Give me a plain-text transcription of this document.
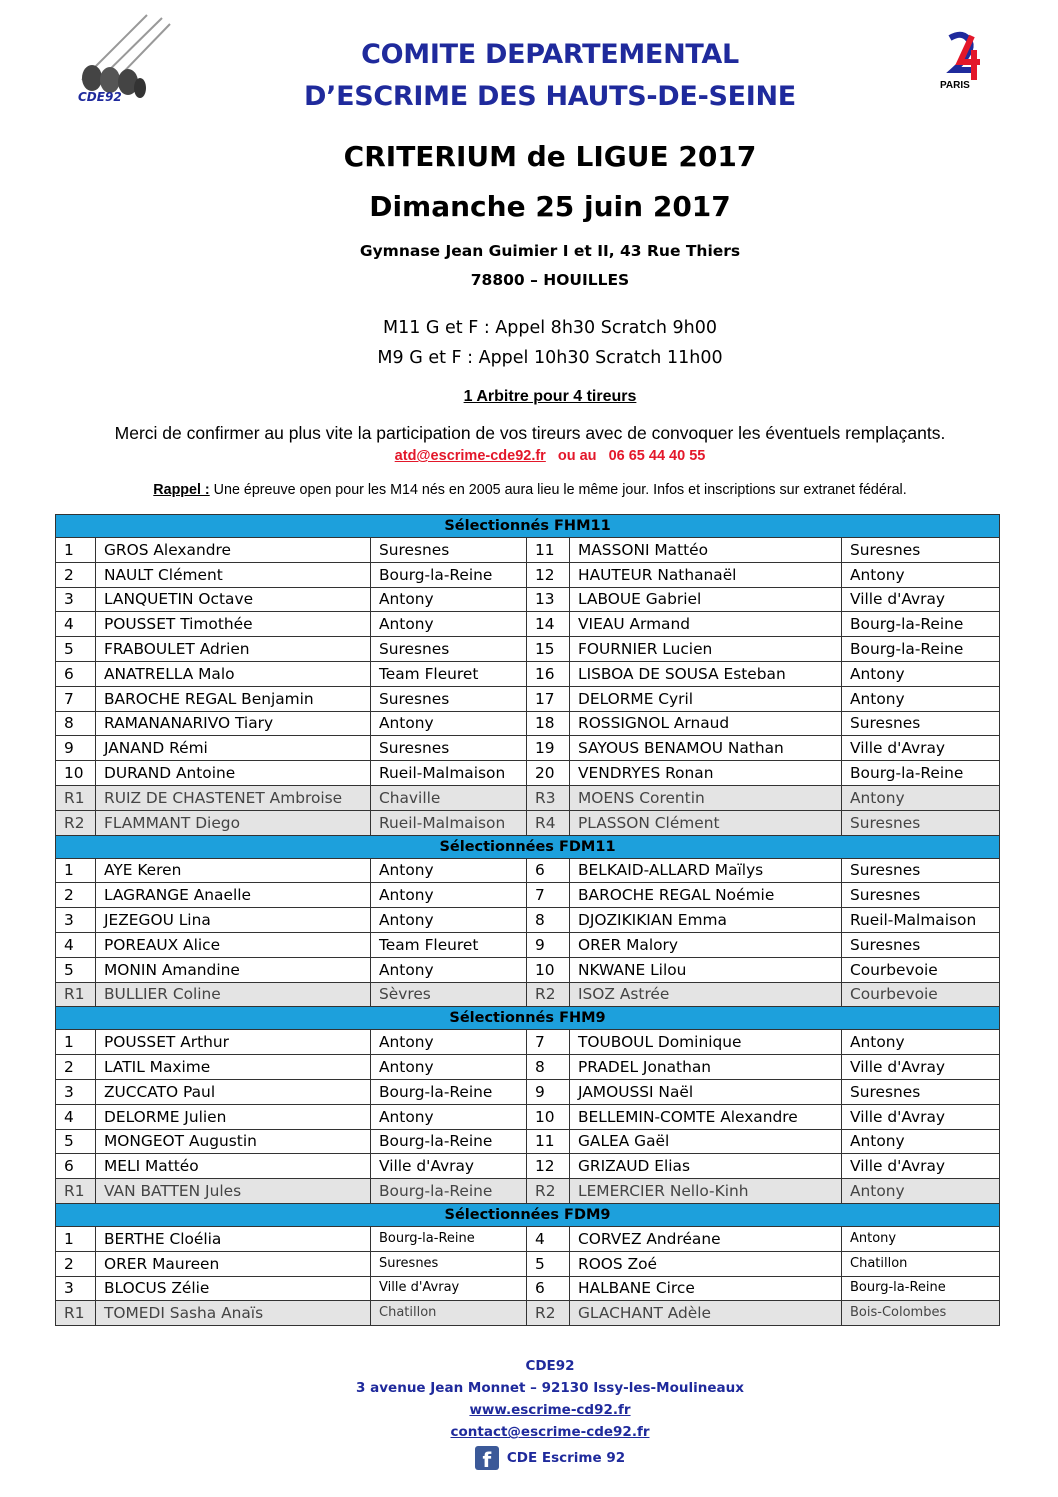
CDE92
PARIS
COMITE DEPARTEMENTAL
D’ESCRIME DES HAUTS-DE-SEINE
CRITERIUM de LIGUE 2017
Dimanche 25 juin 2017
Gymnase Jean Guimier I et II, 43 Rue Thiers
78800 – HOUILLES
M11 G et F : Appel 8h30 Scratch 9h00
M9 G et F : Appel 10h30 Scratch 11h00
1 Arbitre pour 4 tireurs
Merci de confirmer au plus vite la participation de vos tireurs avec de convoquer les éventuels remplaçants.
atd@escrime-cde92.fr ou au 06 65 44 40 55
Rappel : Une épreuve open pour les M14 nés en 2005 aura lieu le même jour. Infos et inscriptions sur extranet fédéral.
Sélectionnés FHM11					
1	GROS Alexandre	Suresnes	11	MASSONI Mattéo	Suresnes
2	NAULT Clément	Bourg-la-Reine	12	HAUTEUR Nathanaël	Antony
3	LANQUETIN Octave	Antony	13	LABOUE Gabriel	Ville d'Avray
4	POUSSET Timothée	Antony	14	VIEAU Armand	Bourg-la-Reine
5	FRABOULET Adrien	Suresnes	15	FOURNIER Lucien	Bourg-la-Reine
6	ANATRELLA Malo	Team Fleuret	16	LISBOA DE SOUSA Esteban	Antony
7	BAROCHE REGAL Benjamin	Suresnes	17	DELORME Cyril	Antony
8	RAMANANARIVO Tiary	Antony	18	ROSSIGNOL Arnaud	Suresnes
9	JANAND Rémi	Suresnes	19	SAYOUS BENAMOU Nathan	Ville d'Avray
10	DURAND Antoine	Rueil-Malmaison	20	VENDRYES Ronan	Bourg-la-Reine
R1	RUIZ DE CHASTENET Ambroise	Chaville	R3	MOENS Corentin	Antony
R2	FLAMMANT Diego	Rueil-Malmaison	R4	PLASSON Clément	Suresnes
Sélectionnées FDM11					
1	AYE Keren	Antony	6	BELKAID-ALLARD Maïlys	Suresnes
2	LAGRANGE Anaelle	Antony	7	BAROCHE REGAL Noémie	Suresnes
3	JEZEGOU Lina	Antony	8	DJOZIKIKIAN Emma	Rueil-Malmaison
4	POREAUX Alice	Team Fleuret	9	ORER Malory	Suresnes
5	MONIN Amandine	Antony	10	NKWANE Lilou	Courbevoie
R1	BULLIER Coline	Sèvres	R2	ISOZ Astrée	Courbevoie
Sélectionnés FHM9					
1	POUSSET Arthur	Antony	7	TOUBOUL Dominique	Antony
2	LATIL Maxime	Antony	8	PRADEL Jonathan	Ville d'Avray
3	ZUCCATO Paul	Bourg-la-Reine	9	JAMOUSSI Naël	Suresnes
4	DELORME Julien	Antony	10	BELLEMIN-COMTE Alexandre	Ville d'Avray
5	MONGEOT Augustin	Bourg-la-Reine	11	GALEA Gaël	Antony
6	MELI Mattéo	Ville d'Avray	12	GRIZAUD Elias	Ville d'Avray
R1	VAN BATTEN Jules	Bourg-la-Reine	R2	LEMERCIER Nello-Kinh	Antony
Sélectionnées FDM9					
1	BERTHE Cloélia	Bourg-la-Reine	4	CORVEZ Andréane	Antony
2	ORER Maureen	Suresnes	5	ROOS Zoé	Chatillon
3	BLOCUS Zélie	Ville d'Avray	6	HALBANE Circe	Bourg-la-Reine
R1	TOMEDI Sasha Anaïs	Chatillon	R2	GLACHANT Adèle	Bois-Colombes
CDE92
3 avenue Jean Monnet – 92130 Issy-les-Moulineaux
www.escrime-cd92.fr
contact@escrime-cde92.fr
f CDE Escrime 92
